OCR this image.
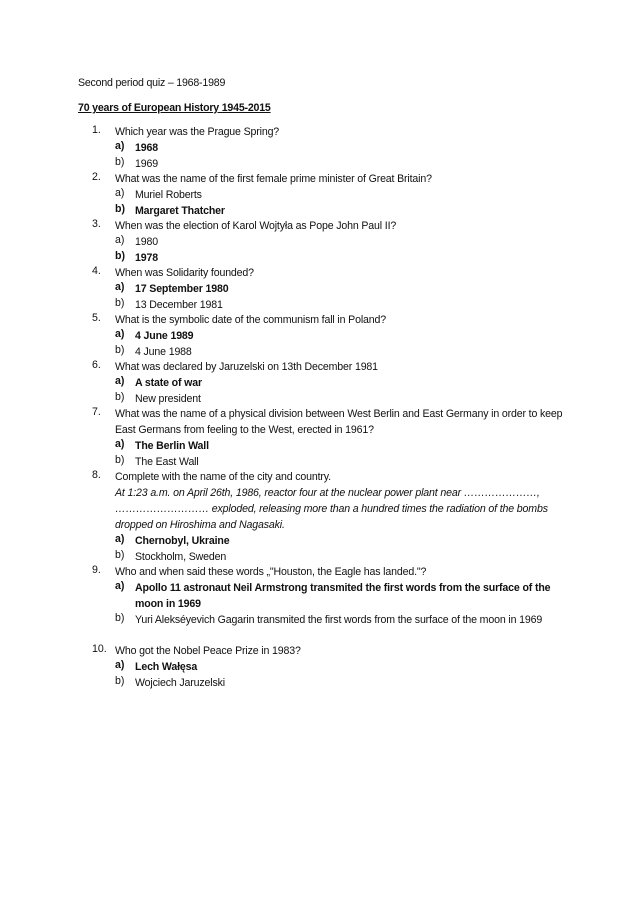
Second period quiz – 1968-1989
70 years of European History 1945-2015
1.	Which year was the Prague Spring?
a) 1968
b) 1969
2.	What was the name of the first female prime minister of Great Britain?
a) Muriel Roberts
b) Margaret Thatcher
3.	When was the election of Karol Wojtyła as Pope John Paul II?
a) 1980
b) 1978
4.	When was Solidarity founded?
a) 17 September 1980
b) 13 December 1981
5.	What is the symbolic date of the communism fall in Poland?
a) 4 June 1989
b) 4 June 1988
6.	What was declared by Jaruzelski on 13th December 1981
a) A state of war
b) New president
7.	What was the name of a physical division between West Berlin and East Germany in order to keep East Germans from feeling to the West, erected in 1961?
a) The Berlin Wall
b) The East Wall
8.	Complete with the name of the city and country.
At 1:23 a.m. on April 26th, 1986, reactor four at the nuclear power plant near …………………, ……………………… exploded, releasing more than a hundred times the radiation of the bombs dropped on Hiroshima and Nagasaki.
a) Chernobyl, Ukraine
b) Stockholm, Sweden
9.	Who and when said these words „"Houston, the Eagle has landed."?
a) Apollo 11 astronaut Neil Armstrong transmited the first words from the surface of the moon in 1969
b) Yuri Alekséyevich Gagarin transmited the first words from the surface of the moon in 1969
10. Who got the Nobel Peace Prize in 1983?
a) Lech Wałęsa
b) Wojciech Jaruzelski
